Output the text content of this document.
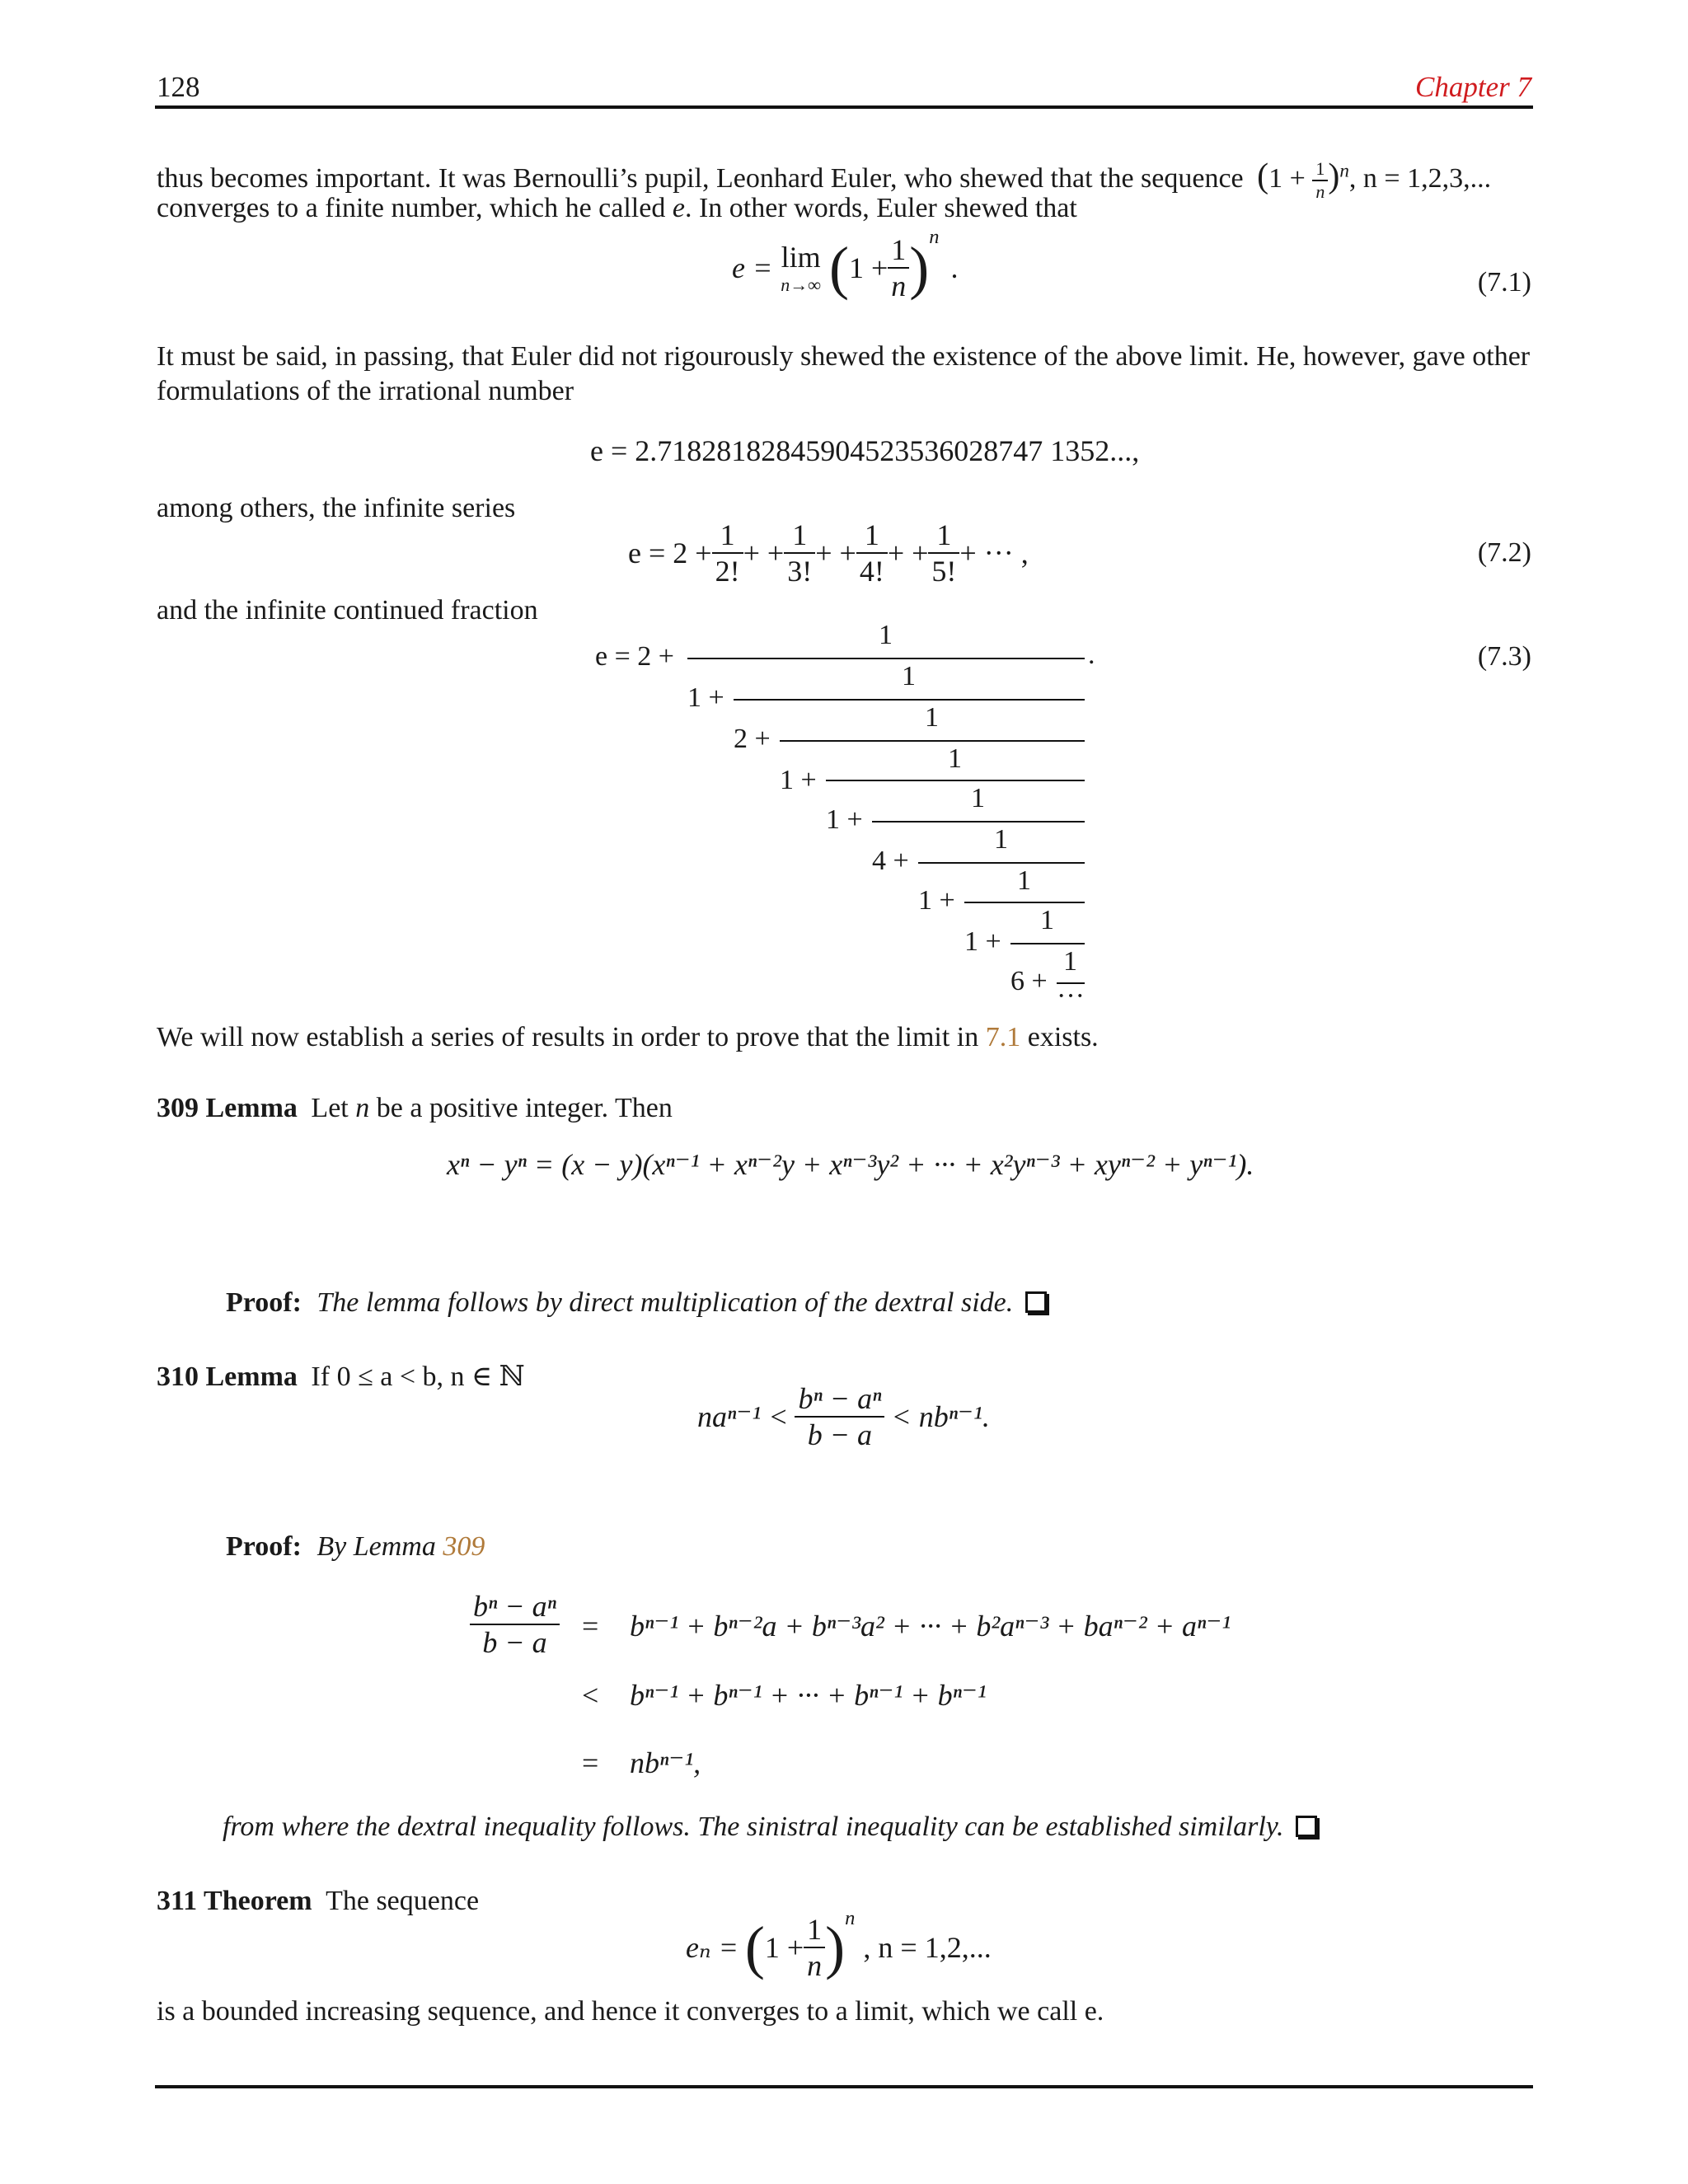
128	Chapter 7
thus becomes important. It was Bernoulli’s pupil, Leonhard Euler, who shewed that the sequence $(1 + \frac{1}{n} )^n$, n = 1,2,3,...
converges to a finite number, which he called e. In other words, Euler shewed that
e = lim
n→∞ ( $1 + \frac{1}{n}$ ) $^n$
.	(7.1)
It must be said, in passing, that Euler did not rigourously shewed the existence of the above limit. He, however, gave other
formulations of the irrational number
e = 2.71828182845904523536028747 1352...,
among others, the infinite series
$e = 2 + \frac{1}{2!}$ + + $\frac{1}{3!}$ + + $\frac{1}{4!}$ + + $\frac{1}{5!}$ + ··· ,	(7.2)
and the infinite continued fraction
(7.3)
e = 2 +	.
1
1 +
1
2 +
1
1 +
1
1 +
1
4 +
1
1 +
1
1 +
1
6 +
1
···
We will now establish a series of results in order to prove that the limit in 7.1 exists.
309 Lemma Let n be a positive integer. Then
xⁿ − yⁿ = (x − y)(xⁿ⁻¹ + xⁿ⁻²y + xⁿ⁻³y² + ··· + x²yⁿ⁻³ + xyⁿ⁻² + yⁿ⁻¹).
Proof: The lemma follows by direct multiplication of the dextral side.
310 Lemma If 0 ≤ a < b, n ∈ ℕ
$na^{n-1} < \frac{\text{bⁿ − aⁿ}}{b - a} < nb^{n-1}$.
Proof: By Lemma 309
$\frac{\text{bⁿ − aⁿ}}{b - a} = b^{n-1} + b^{n-2}a + b^{n-3}a^2$ + ··· + b²aⁿ⁻³ + baⁿ⁻² + aⁿ⁻¹
< bⁿ⁻¹ + bⁿ⁻¹ + ··· + bⁿ⁻¹ + bⁿ⁻¹
= nbⁿ⁻¹,
from where the dextral inequality follows. The sinistral inequality can be established similarly.
311 Theorem The sequence
eₙ = ( $1 + \frac{1}{n}$ ) $^n$
, n = 1,2,...
is a bounded increasing sequence, and hence it converges to a limit, which we call e.
